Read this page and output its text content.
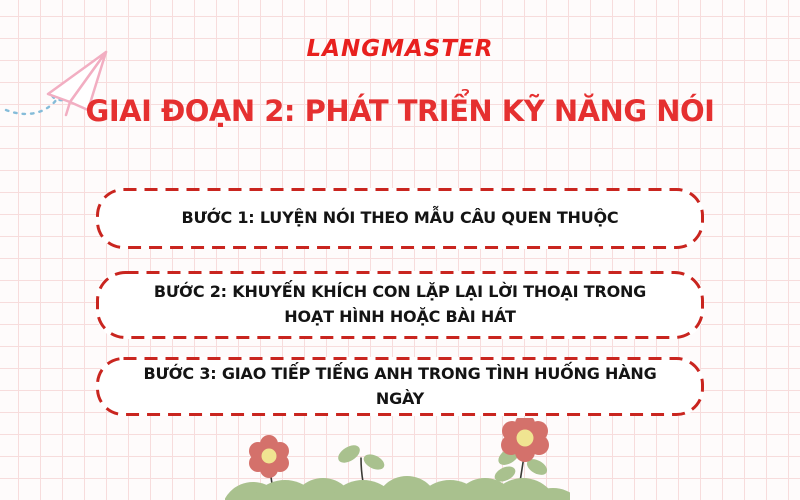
LANGMASTER
GIAI ĐOẠN 2: PHÁT TRIỂN KỸ NĂNG NÓI
BƯỚC 1: LUYỆN NÓI THEO MẪU CÂU QUEN THUỘC
BƯỚC 2: KHUYẾN KHÍCH CON LẶP LẠI LỜI THOẠI TRONG HOẠT HÌNH HOẶC BÀI HÁT
BƯỚC 3: GIAO TIẾP TIẾNG ANH TRONG TÌNH HUỐNG HÀNG NGÀY
